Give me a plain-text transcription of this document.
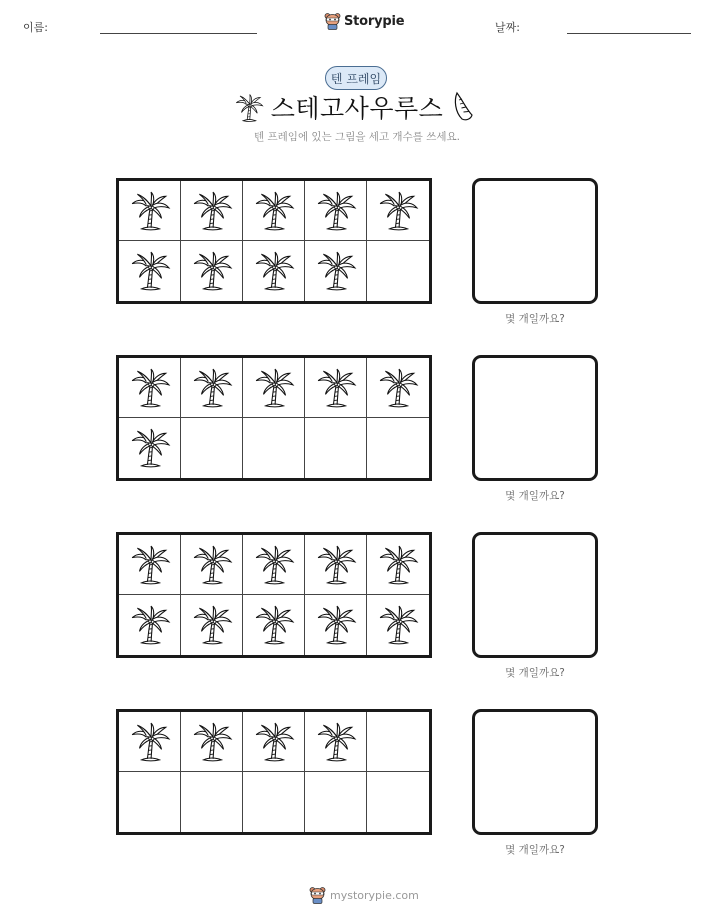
이름:	Storypie	날짜:
텐 프레임
스테고사우루스
텐 프레임에 있는 그림을 세고 개수를 쓰세요.
몇 개일까요?
몇 개일까요?
몇 개일까요?
몇 개일까요?
mystorypie.com
